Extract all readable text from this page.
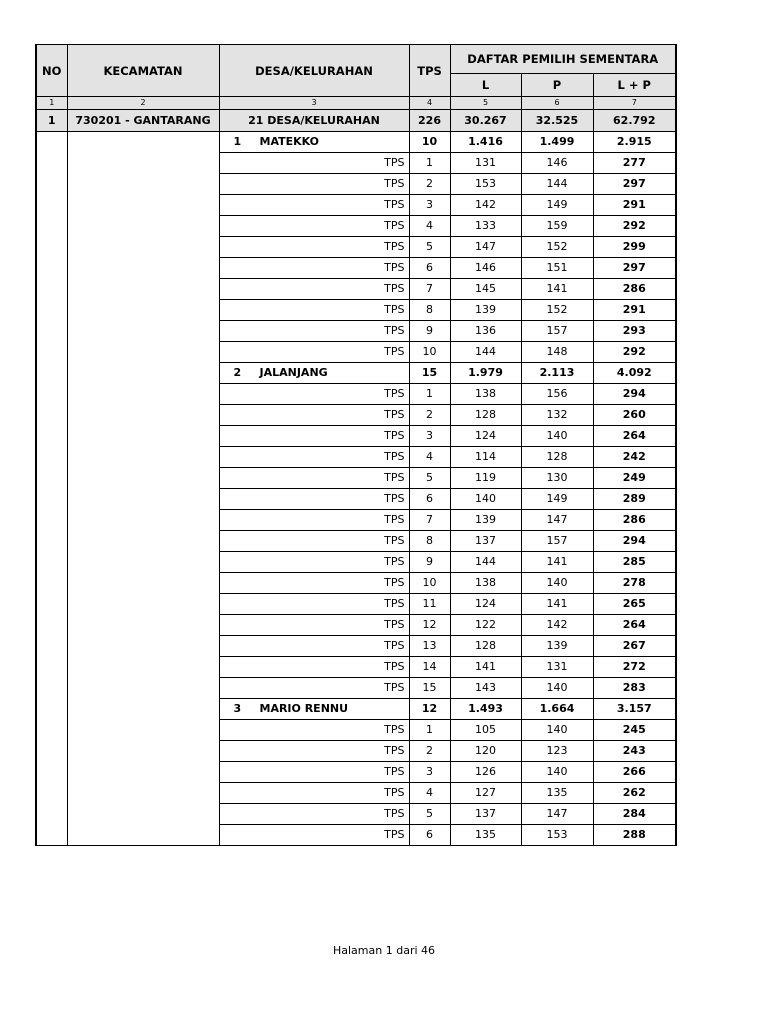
NO	KECAMATAN	DESA/KELURAHAN	TPS	DAFTAR PEMILIH SEMENTARA		
				L	P	L + P
1	2	3	4	5	6	7
1	730201 - GANTARANG	21 DESA/KELURAHAN	226	30.267	32.525	62.792
		1 MATEKKO	10	1.416	1.499	2.915
		TPS	1	131	146	277
		TPS	2	153	144	297
		TPS	3	142	149	291
		TPS	4	133	159	292
		TPS	5	147	152	299
		TPS	6	146	151	297
		TPS	7	145	141	286
		TPS	8	139	152	291
		TPS	9	136	157	293
		TPS	10	144	148	292
		2 JALANJANG	15	1.979	2.113	4.092
		TPS	1	138	156	294
		TPS	2	128	132	260
		TPS	3	124	140	264
		TPS	4	114	128	242
		TPS	5	119	130	249
		TPS	6	140	149	289
		TPS	7	139	147	286
		TPS	8	137	157	294
		TPS	9	144	141	285
		TPS	10	138	140	278
		TPS	11	124	141	265
		TPS	12	122	142	264
		TPS	13	128	139	267
		TPS	14	141	131	272
		TPS	15	143	140	283
		3 MARIO RENNU	12	1.493	1.664	3.157
		TPS	1	105	140	245
		TPS	2	120	123	243
		TPS	3	126	140	266
		TPS	4	127	135	262
		TPS	5	137	147	284
		TPS	6	135	153	288
Halaman 1 dari 46
